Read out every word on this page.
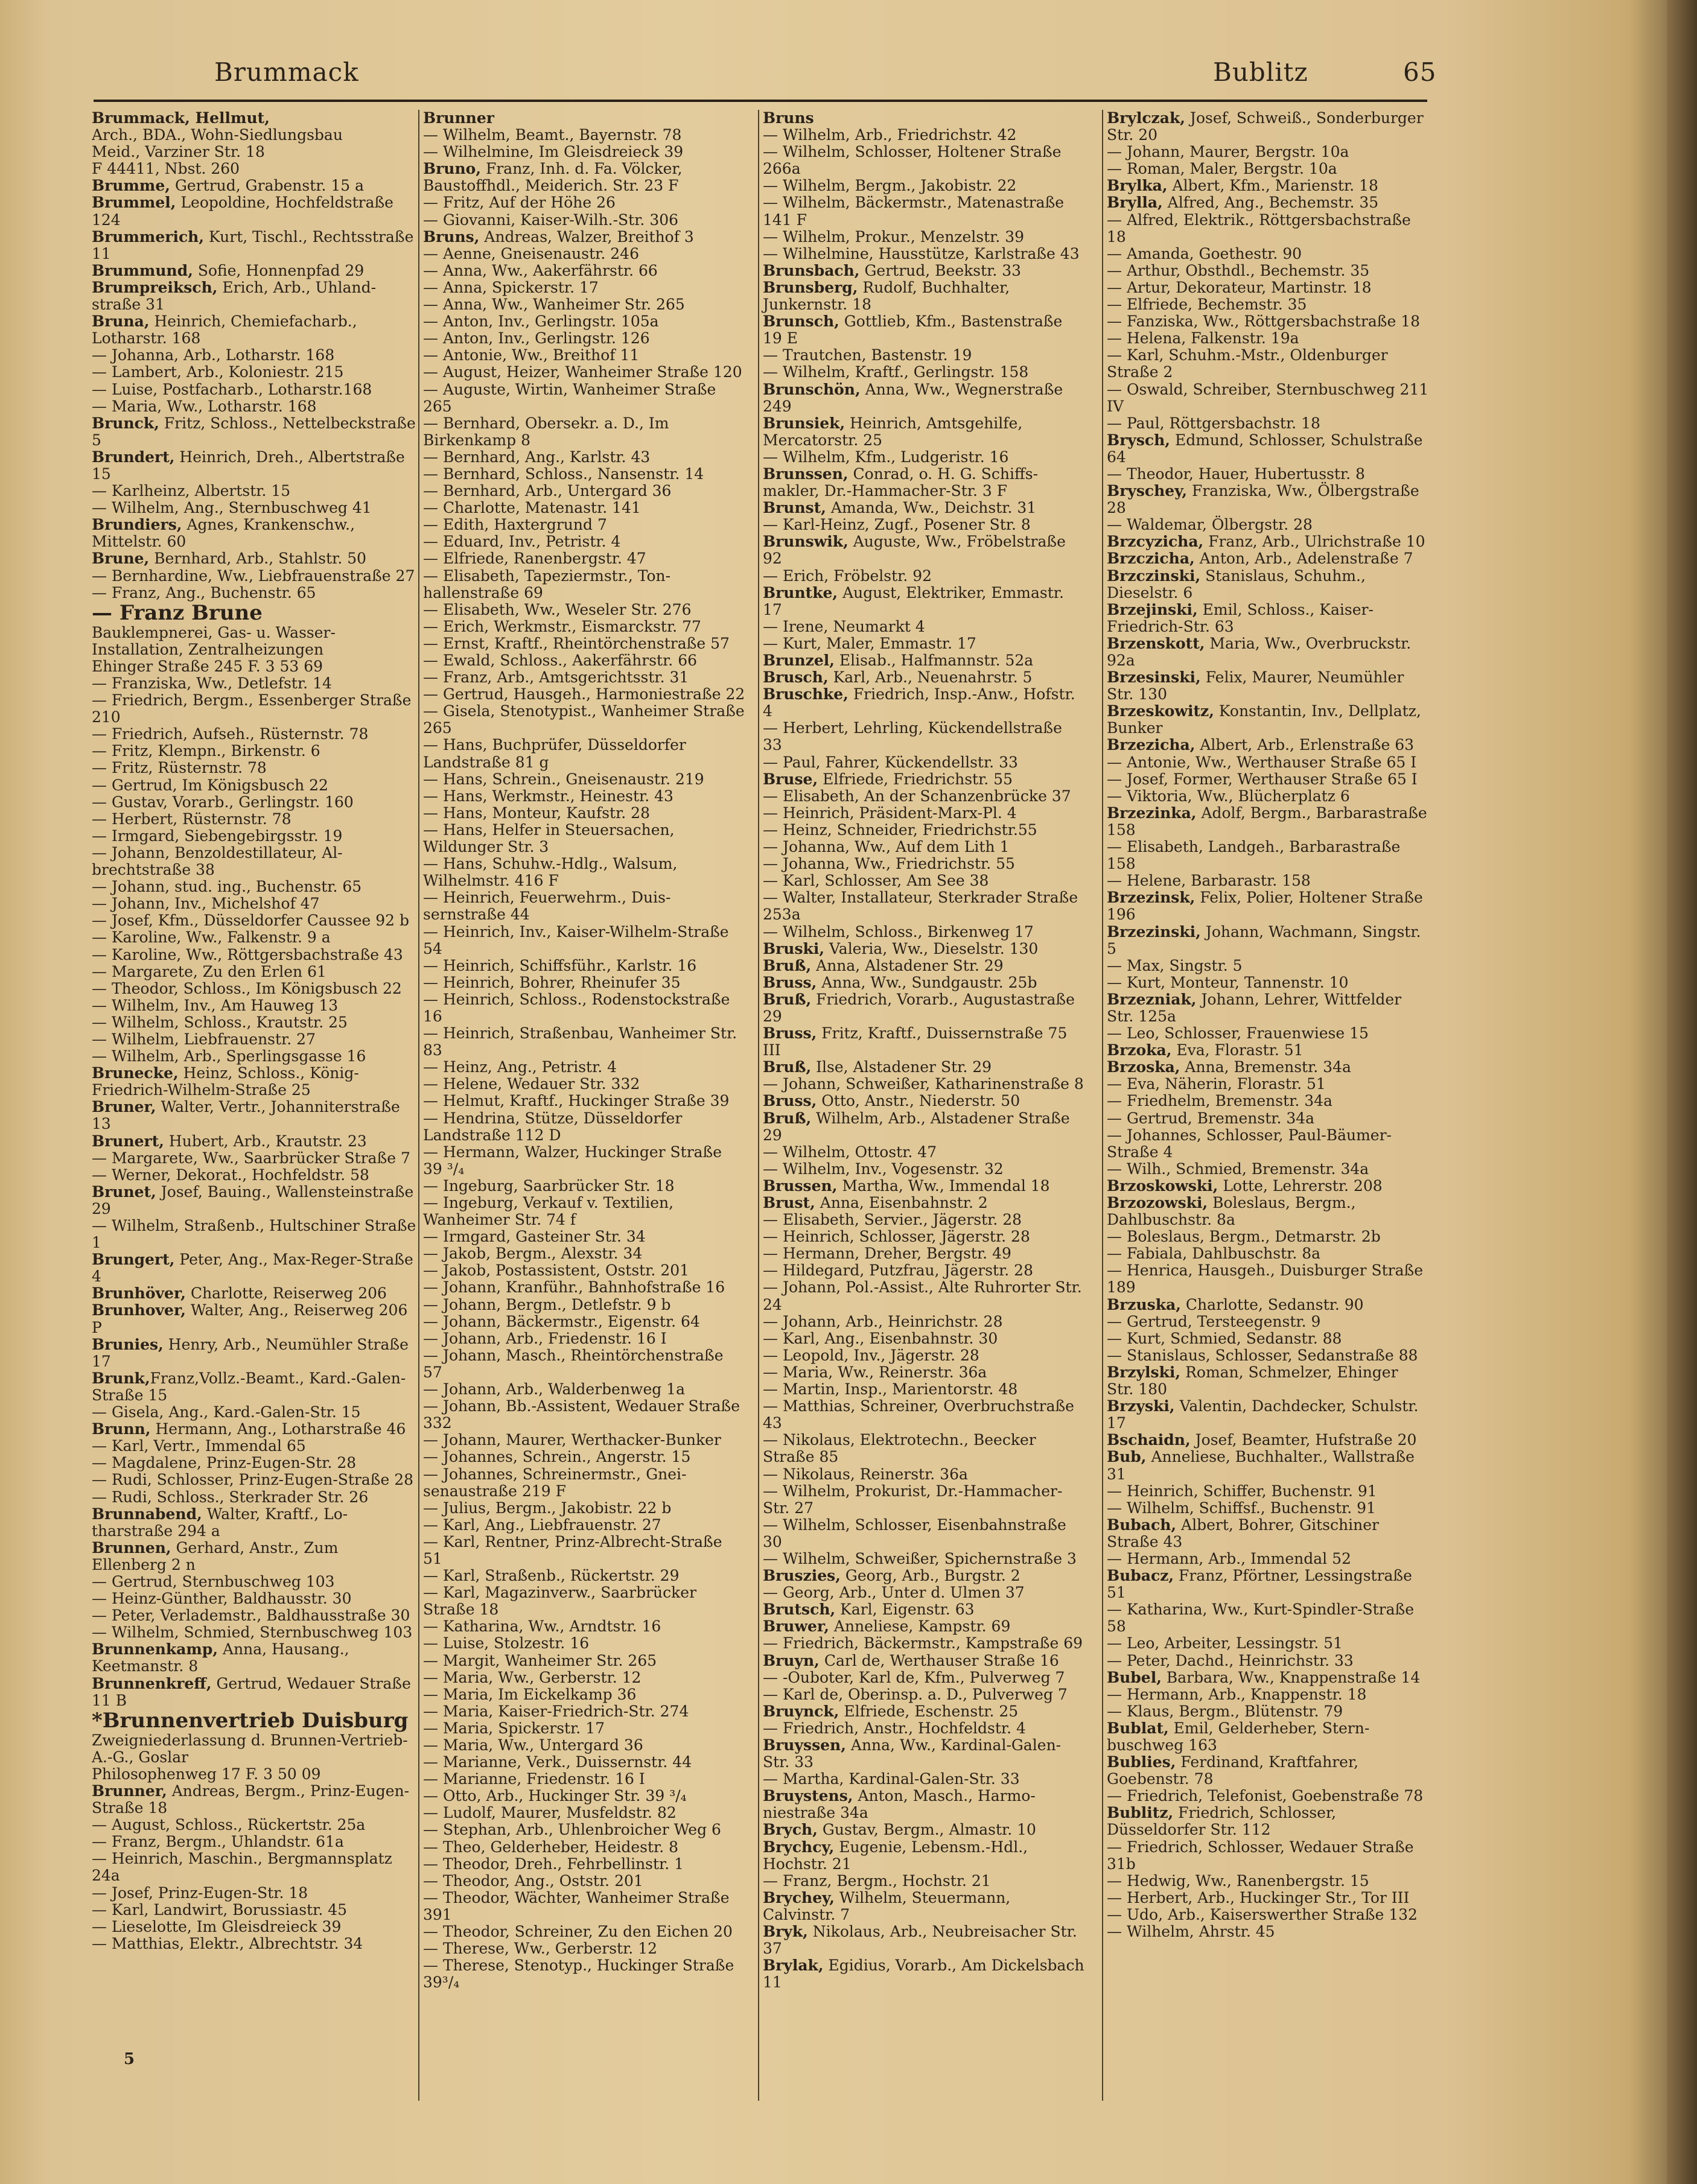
Brummack	Bublitz	65
Brummack, Hellmut,
Arch., BDA., Wohn-Siedlungsbau
Meid., Varziner Str. 18
F 44411, Nbst. 260
Brumme, Gertrud, Grabenstr. 15 a
Brummel, Leopoldine, Hochfeldstraße 124
Brummerich, Kurt, Tischl., Rechtsstraße 11
Brummund, Sofie, Honnenpfad 29
Brumpreiksch, Erich, Arb., Uhlandstraße 31
Bruna, Heinrich, Chemiefacharb., Lotharstr. 168
— Johanna, Arb., Lotharstr. 168
— Lambert, Arb., Koloniestr. 215
— Luise, Postfacharb., Lotharstr.168
— Maria, Ww., Lotharstr. 168
Brunck, Fritz, Schloss., Nettelbeckstraße 5
Brundert, Heinrich, Dreh., Albertstraße 15
— Karlheinz, Albertstr. 15
— Wilhelm, Ang., Sternbuschweg 41
Brundiers, Agnes, Krankenschw., Mittelstr. 60
Brune, Bernhard, Arb., Stahlstr. 50
— Bernhardine, Ww., Liebfrauenstraße 27
— Franz, Ang., Buchenstr. 65
— Franz Brune
Bauklempnerei, Gas- u. Wasser-Installation, Zentralheizungen
Ehinger Straße 245 F. 3 53 69
— Franziska, Ww., Detlefstr. 14
— Friedrich, Bergm., Essenberger Straße 210
— Friedrich, Aufseh., Rüsternstr. 78
— Fritz, Klempn., Birkenstr. 6
— Fritz, Rüsternstr. 78
— Gertrud, Im Königsbusch 22
— Gustav, Vorarb., Gerlingstr. 160
— Herbert, Rüsternstr. 78
— Irmgard, Siebengebirgsstr. 19
— Johann, Benzoldestillateur, Albrechtstraße 38
— Johann, stud. ing., Buchenstr. 65
— Johann, Inv., Michelshof 47
— Josef, Kfm., Düsseldorfer Caussee 92 b
— Karoline, Ww., Falkenstr. 9 a
— Karoline, Ww., Röttgersbachstraße 43
— Margarete, Zu den Erlen 61
— Theodor, Schloss., Im Königsbusch 22
— Wilhelm, Inv., Am Hauweg 13
— Wilhelm, Schloss., Krautstr. 25
— Wilhelm, Liebfrauenstr. 27
— Wilhelm, Arb., Sperlingsgasse 16
Brunecke, Heinz, Schloss., König-Friedrich-Wilhelm-Straße 25
Bruner, Walter, Vertr., Johanniterstraße 13
Brunert, Hubert, Arb., Krautstr. 23
— Margarete, Ww., Saarbrücker Straße 7
— Werner, Dekorat., Hochfeldstr. 58
Brunet, Josef, Bauing., Wallensteinstraße 29
— Wilhelm, Straßenb., Hultschiner Straße 1
Brungert, Peter, Ang., Max-Reger-Straße 4
Brunhöver, Charlotte, Reiserweg 206
Brunhover, Walter, Ang., Reiserweg 206 P
Brunies, Henry, Arb., Neumühler Straße 17
Brunk,Franz,Vollz.-Beamt., Kard.-Galen-Straße 15
— Gisela, Ang., Kard.-Galen-Str. 15
Brunn, Hermann, Ang., Lotharstraße 46
— Karl, Vertr., Immendal 65
— Magdalene, Prinz-Eugen-Str. 28
— Rudi, Schlosser, Prinz-Eugen-Straße 28
— Rudi, Schloss., Sterkrader Str. 26
Brunnabend, Walter, Kraftf., Lotharstraße 294 a
Brunnen, Gerhard, Anstr., Zum Ellenberg 2 n
— Gertrud, Sternbuschweg 103
— Heinz-Günther, Baldhausstr. 30
— Peter, Verlademstr., Baldhausstraße 30
— Wilhelm, Schmied, Sternbuschweg 103
Brunnenkamp, Anna, Hausang., Keetmanstr. 8
Brunnenkreff, Gertrud, Wedauer Straße 11 B
*Brunnenvertrieb Duisburg
Zweigniederlassung d. Brunnen-Vertrieb-A.-G., Goslar
Philosophenweg 17 F. 3 50 09
Brunner, Andreas, Bergm., Prinz-Eugen-Straße 18
— August, Schloss., Rückertstr. 25a
— Franz, Bergm., Uhlandstr. 61a
— Heinrich, Maschin., Bergmannsplatz 24a
— Josef, Prinz-Eugen-Str. 18
— Karl, Landwirt, Borussiastr. 45
— Lieselotte, Im Gleisdreieck 39
— Matthias, Elektr., Albrechtstr. 34
Brunner
— Wilhelm, Beamt., Bayernstr. 78
— Wilhelmine, Im Gleisdreieck 39
Bruno, Franz, Inh. d. Fa. Völcker, Baustoffhdl., Meiderich. Str. 23 F
— Fritz, Auf der Höhe 26
— Giovanni, Kaiser-Wilh.-Str. 306
Bruns, Andreas, Walzer, Breithof 3
— Aenne, Gneisenaustr. 246
— Anna, Ww., Aakerfährstr. 66
— Anna, Spickerstr. 17
— Anna, Ww., Wanheimer Str. 265
— Anton, Inv., Gerlingstr. 105a
— Anton, Inv., Gerlingstr. 126
— Antonie, Ww., Breithof 11
— August, Heizer, Wanheimer Straße 120
— Auguste, Wirtin, Wanheimer Straße 265
— Bernhard, Obersekr. a. D., Im Birkenkamp 8
— Bernhard, Ang., Karlstr. 43
— Bernhard, Schloss., Nansenstr. 14
— Bernhard, Arb., Untergard 36
— Charlotte, Matenastr. 141
— Edith, Haxtergrund 7
— Eduard, Inv., Petristr. 4
— Elfriede, Ranenbergstr. 47
— Elisabeth, Tapeziermstr., Tonhallenstraße 69
— Elisabeth, Ww., Weseler Str. 276
— Erich, Werkmstr., Eismarckstr. 77
— Ernst, Kraftf., Rheintörchenstraße 57
— Ewald, Schloss., Aakerfährstr. 66
— Franz, Arb., Amtsgerichtsstr. 31
— Gertrud, Hausgeh., Harmoniestraße 22
— Gisela, Stenotypist., Wanheimer Straße 265
— Hans, Buchprüfer, Düsseldorfer Landstraße 81 g
— Hans, Schrein., Gneisenaustr. 219
— Hans, Werkmstr., Heinestr. 43
— Hans, Monteur, Kaufstr. 28
— Hans, Helfer in Steuersachen, Wildunger Str. 3
— Hans, Schuhw.-Hdlg., Walsum, Wilhelmstr. 416 F
— Heinrich, Feuerwehrm., Duissernstraße 44
— Heinrich, Inv., Kaiser-Wilhelm-Straße 54
— Heinrich, Schiffsführ., Karlstr. 16
— Heinrich, Bohrer, Rheinufer 35
— Heinrich, Schloss., Rodenstockstraße 16
— Heinrich, Straßenbau, Wanheimer Str. 83
— Heinz, Ang., Petristr. 4
— Helene, Wedauer Str. 332
— Helmut, Kraftf., Huckinger Straße 39
— Hendrina, Stütze, Düsseldorfer Landstraße 112 D
— Hermann, Walzer, Huckinger Straße 39 ³/₄
— Ingeburg, Saarbrücker Str. 18
— Ingeburg, Verkauf v. Textilien, Wanheimer Str. 74 f
— Irmgard, Gasteiner Str. 34
— Jakob, Bergm., Alexstr. 34
— Jakob, Postassistent, Oststr. 201
— Johann, Kranführ., Bahnhofstraße 16
— Johann, Bergm., Detlefstr. 9 b
— Johann, Bäckermstr., Eigenstr. 64
— Johann, Arb., Friedenstr. 16 I
— Johann, Masch., Rheintörchenstraße 57
— Johann, Arb., Walderbenweg 1a
— Johann, Bb.-Assistent, Wedauer Straße 332
— Johann, Maurer, Werthacker-Bunker
— Johannes, Schrein., Angerstr. 15
— Johannes, Schreinermstr., Gneisenaustraße 219 F
— Julius, Bergm., Jakobistr. 22 b
— Karl, Ang., Liebfrauenstr. 27
— Karl, Rentner, Prinz-Albrecht-Straße 51
— Karl, Straßenb., Rückertstr. 29
— Karl, Magazinverw., Saarbrücker Straße 18
— Katharina, Ww., Arndtstr. 16
— Luise, Stolzestr. 16
— Margit, Wanheimer Str. 265
— Maria, Ww., Gerberstr. 12
— Maria, Im Eickelkamp 36
— Maria, Kaiser-Friedrich-Str. 274
— Maria, Spickerstr. 17
— Maria, Ww., Untergard 36
— Marianne, Verk., Duissernstr. 44
— Marianne, Friedenstr. 16 I
— Otto, Arb., Huckinger Str. 39 ³/₄
— Ludolf, Maurer, Musfeldstr. 82
— Stephan, Arb., Uhlenbroicher Weg 6
— Theo, Gelderheber, Heidestr. 8
— Theodor, Dreh., Fehrbellinstr. 1
— Theodor, Ang., Oststr. 201
— Theodor, Wächter, Wanheimer Straße 391
— Theodor, Schreiner, Zu den Eichen 20
— Therese, Ww., Gerberstr. 12
— Therese, Stenotyp., Huckinger Straße 39³/₄
Bruns
— Wilhelm, Arb., Friedrichstr. 42
— Wilhelm, Schlosser, Holtener Straße 266a
— Wilhelm, Bergm., Jakobistr. 22
— Wilhelm, Bäckermstr., Matenastraße 141 F
— Wilhelm, Prokur., Menzelstr. 39
— Wilhelmine, Hausstütze, Karlstraße 43
Brunsbach, Gertrud, Beekstr. 33
Brunsberg, Rudolf, Buchhalter, Junkernstr. 18
Brunsch, Gottlieb, Kfm., Bastenstraße 19 E
— Trautchen, Bastenstr. 19
— Wilhelm, Kraftf., Gerlingstr. 158
Brunschön, Anna, Ww., Wegnerstraße 249
Brunsiek, Heinrich, Amtsgehilfe, Mercatorstr. 25
— Wilhelm, Kfm., Ludgeristr. 16
Brunssen, Conrad, o. H. G. Schiffsmakler, Dr.-Hammacher-Str. 3 F
Brunst, Amanda, Ww., Deichstr. 31
— Karl-Heinz, Zugf., Posener Str. 8
Brunswik, Auguste, Ww., Fröbelstraße 92
— Erich, Fröbelstr. 92
Bruntke, August, Elektriker, Emmastr. 17
— Irene, Neumarkt 4
— Kurt, Maler, Emmastr. 17
Brunzel, Elisab., Halfmannstr. 52a
Brusch, Karl, Arb., Neuenahrstr. 5
Bruschke, Friedrich, Insp.-Anw., Hofstr. 4
— Herbert, Lehrling, Kückendellstraße 33
— Paul, Fahrer, Kückendellstr. 33
Bruse, Elfriede, Friedrichstr. 55
— Elisabeth, An der Schanzenbrücke 37
— Heinrich, Präsident-Marx-Pl. 4
— Heinz, Schneider, Friedrichstr.55
— Johanna, Ww., Auf dem Lith 1
— Johanna, Ww., Friedrichstr. 55
— Karl, Schlosser, Am See 38
— Walter, Installateur, Sterkrader Straße 253a
— Wilhelm, Schloss., Birkenweg 17
Bruski, Valeria, Ww., Dieselstr. 130
Bruß, Anna, Alstadener Str. 29
Bruss, Anna, Ww., Sundgaustr. 25b
Bruß, Friedrich, Vorarb., Augustastraße 29
Bruss, Fritz, Kraftf., Duissernstraße 75 III
Bruß, Ilse, Alstadener Str. 29
— Johann, Schweißer, Katharinenstraße 8
Bruss, Otto, Anstr., Niederstr. 50
Bruß, Wilhelm, Arb., Alstadener Straße 29
— Wilhelm, Ottostr. 47
— Wilhelm, Inv., Vogesenstr. 32
Brussen, Martha, Ww., Immendal 18
Brust, Anna, Eisenbahnstr. 2
— Elisabeth, Servier., Jägerstr. 28
— Heinrich, Schlosser, Jägerstr. 28
— Hermann, Dreher, Bergstr. 49
— Hildegard, Putzfrau, Jägerstr. 28
— Johann, Pol.-Assist., Alte Ruhrorter Str. 24
— Johann, Arb., Heinrichstr. 28
— Karl, Ang., Eisenbahnstr. 30
— Leopold, Inv., Jägerstr. 28
— Maria, Ww., Reinerstr. 36a
— Martin, Insp., Marientorstr. 48
— Matthias, Schreiner, Overbruchstraße 43
— Nikolaus, Elektrotechn., Beecker Straße 85
— Nikolaus, Reinerstr. 36a
— Wilhelm, Prokurist, Dr.-Hammacher-Str. 27
— Wilhelm, Schlosser, Eisenbahnstraße 30
— Wilhelm, Schweißer, Spichernstraße 3
Bruszies, Georg, Arb., Burgstr. 2
— Georg, Arb., Unter d. Ulmen 37
Brutsch, Karl, Eigenstr. 63
Bruwer, Anneliese, Kampstr. 69
— Friedrich, Bäckermstr., Kampstraße 69
Bruyn, Carl de, Werthauser Straße 16
— -Ouboter, Karl de, Kfm., Pulverweg 7
— Karl de, Oberinsp. a. D., Pulverweg 7
Bruynck, Elfriede, Eschenstr. 25
— Friedrich, Anstr., Hochfeldstr. 4
Bruyssen, Anna, Ww., Kardinal-Galen-Str. 33
— Martha, Kardinal-Galen-Str. 33
Bruystens, Anton, Masch., Harmoniestraße 34a
Brych, Gustav, Bergm., Almastr. 10
Brychcy, Eugenie, Lebensm.-Hdl., Hochstr. 21
— Franz, Bergm., Hochstr. 21
Brychey, Wilhelm, Steuermann, Calvinstr. 7
Bryk, Nikolaus, Arb., Neubreisacher Str. 37
Brylak, Egidius, Vorarb., Am Dickelsbach 11
Brylczak, Josef, Schweiß., Sonderburger Str. 20
— Johann, Maurer, Bergstr. 10a
— Roman, Maler, Bergstr. 10a
Brylka, Albert, Kfm., Marienstr. 18
Brylla, Alfred, Ang., Bechemstr. 35
— Alfred, Elektrik., Röttgersbachstraße 18
— Amanda, Goethestr. 90
— Arthur, Obsthdl., Bechemstr. 35
— Artur, Dekorateur, Martinstr. 18
— Elfriede, Bechemstr. 35
— Fanziska, Ww., Röttgersbachstraße 18
— Helena, Falkenstr. 19a
— Karl, Schuhm.-Mstr., Oldenburger Straße 2
— Oswald, Schreiber, Sternbuschweg 211 IV
— Paul, Röttgersbachstr. 18
Brysch, Edmund, Schlosser, Schulstraße 64
— Theodor, Hauer, Hubertusstr. 8
Bryschey, Franziska, Ww., Ölbergstraße 28
— Waldemar, Ölbergstr. 28
Brzcyzicha, Franz, Arb., Ulrichstraße 10
Brzczicha, Anton, Arb., Adelenstraße 7
Brzczinski, Stanislaus, Schuhm., Dieselstr. 6
Brzejinski, Emil, Schloss., Kaiser-Friedrich-Str. 63
Brzenskott, Maria, Ww., Overbruckstr. 92a
Brzesinski, Felix, Maurer, Neumühler Str. 130
Brzeskowitz, Konstantin, Inv., Dellplatz, Bunker
Brzezicha, Albert, Arb., Erlenstraße 63
— Antonie, Ww., Werthauser Straße 65 I
— Josef, Former, Werthauser Straße 65 I
— Viktoria, Ww., Blücherplatz 6
Brzezinka, Adolf, Bergm., Barbarastraße 158
— Elisabeth, Landgeh., Barbarastraße 158
— Helene, Barbarastr. 158
Brzezinsk, Felix, Polier, Holtener Straße 196
Brzezinski, Johann, Wachmann, Singstr. 5
— Max, Singstr. 5
— Kurt, Monteur, Tannenstr. 10
Brzezniak, Johann, Lehrer, Wittfelder Str. 125a
— Leo, Schlosser, Frauenwiese 15
Brzoka, Eva, Florastr. 51
Brzoska, Anna, Bremenstr. 34a
— Eva, Näherin, Florastr. 51
— Friedhelm, Bremenstr. 34a
— Gertrud, Bremenstr. 34a
— Johannes, Schlosser, Paul-Bäumer-Straße 4
— Wilh., Schmied, Bremenstr. 34a
Brzoskowski, Lotte, Lehrerstr. 208
Brzozowski, Boleslaus, Bergm., Dahlbuschstr. 8a
— Boleslaus, Bergm., Detmarstr. 2b
— Fabiala, Dahlbuschstr. 8a
— Henrica, Hausgeh., Duisburger Straße 189
Brzuska, Charlotte, Sedanstr. 90
— Gertrud, Tersteegenstr. 9
— Kurt, Schmied, Sedanstr. 88
— Stanislaus, Schlosser, Sedanstraße 88
Brzylski, Roman, Schmelzer, Ehinger Str. 180
Brzyski, Valentin, Dachdecker, Schulstr. 17
Bschaidn, Josef, Beamter, Hufstraße 20
Bub, Anneliese, Buchhalter., Wallstraße 31
— Heinrich, Schiffer, Buchenstr. 91
— Wilhelm, Schiffsf., Buchenstr. 91
Bubach, Albert, Bohrer, Gitschiner Straße 43
— Hermann, Arb., Immendal 52
Bubacz, Franz, Pförtner, Lessingstraße 51
— Katharina, Ww., Kurt-Spindler-Straße 58
— Leo, Arbeiter, Lessingstr. 51
— Peter, Dachd., Heinrichstr. 33
Bubel, Barbara, Ww., Knappenstraße 14
— Hermann, Arb., Knappenstr. 18
— Klaus, Bergm., Blütenstr. 79
Bublat, Emil, Gelderheber, Sternbuschweg 163
Bublies, Ferdinand, Kraftfahrer, Goebenstr. 78
— Friedrich, Telefonist, Goebenstraße 78
Bublitz, Friedrich, Schlosser, Düsseldorfer Str. 112
— Friedrich, Schlosser, Wedauer Straße 31b
— Hedwig, Ww., Ranenbergstr. 15
— Herbert, Arb., Huckinger Str., Tor III
— Udo, Arb., Kaiserswerther Straße 132
— Wilhelm, Ahrstr. 45
5
